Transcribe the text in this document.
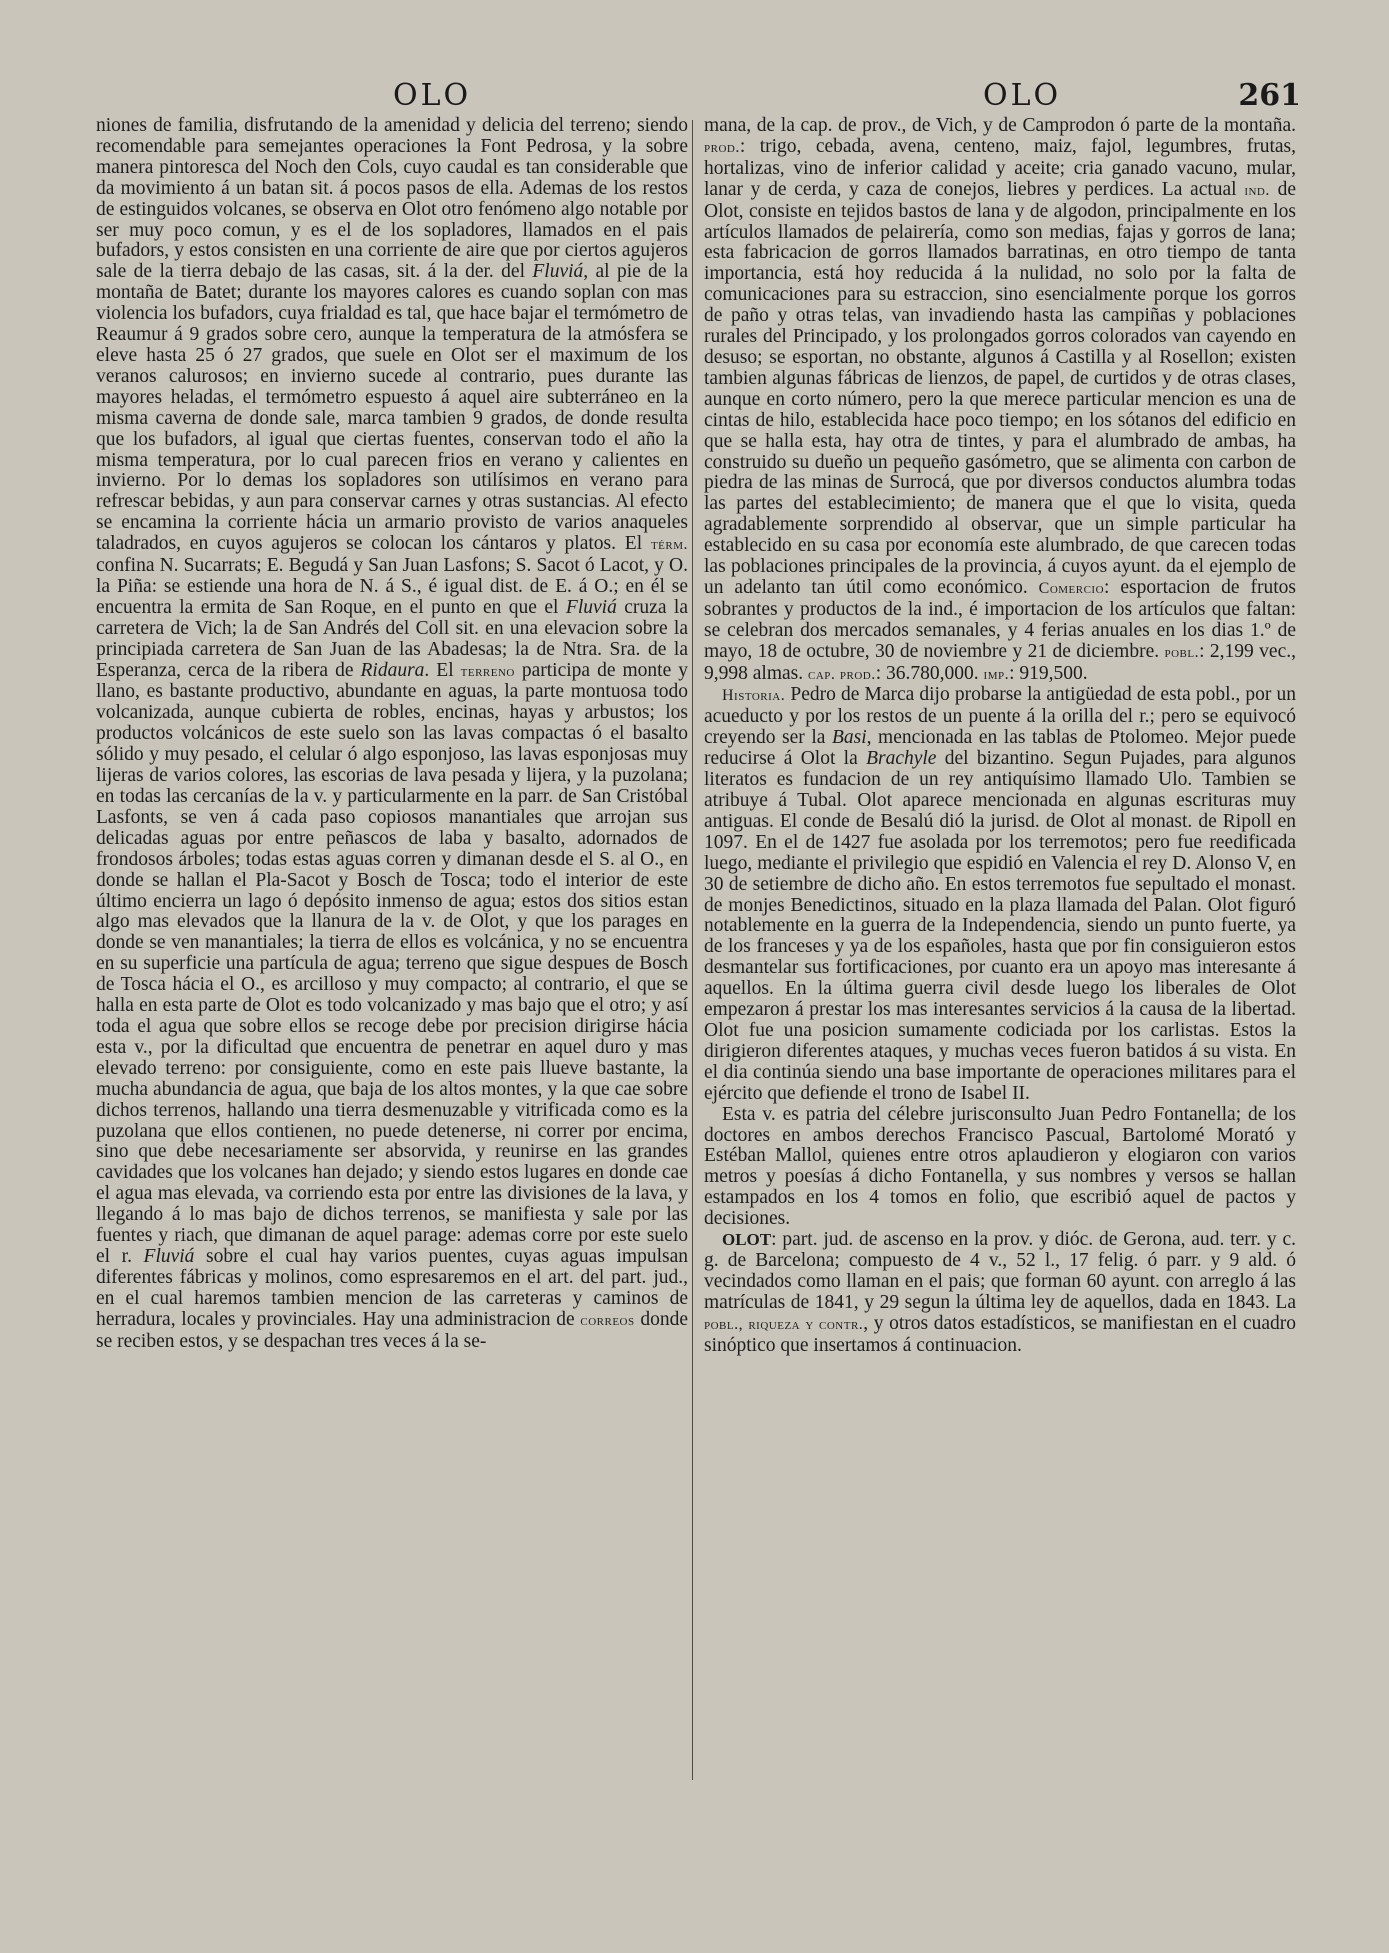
OLO	OLO	261

niones de familia, disfrutando de la amenidad y delicia del terreno; siendo recomendable para semejantes operaciones la Font Pedrosa, y la sobre manera pintoresca del Noch den Cols, cuyo caudal es tan considerable que da movimiento á un batan sit. á pocos pasos de ella. Ademas de los restos de estinguidos volcanes, se observa en Olot otro fenómeno algo notable por ser muy poco comun, y es el de los sopladores, llamados en el pais bufadors, y estos consisten en una corriente de aire que por ciertos agujeros sale de la tierra debajo de las casas, sit. á la der. del Fluviá, al pie de la montaña de Batet; durante los mayores calores es cuando soplan con mas violencia los bufadors, cuya frialdad es tal, que hace bajar el termómetro de Reaumur á 9 grados sobre cero, aunque la temperatura de la atmósfera se eleve hasta 25 ó 27 grados, que suele en Olot ser el maximum de los veranos calurosos; en invierno sucede al contrario, pues durante las mayores heladas, el termómetro espuesto á aquel aire subterráneo en la misma caverna de donde sale, marca tambien 9 grados, de donde resulta que los bufadors, al igual que ciertas fuentes, conservan todo el año la misma temperatura, por lo cual parecen frios en verano y calientes en invierno. Por lo demas los sopladores son utilísimos en verano para refrescar bebidas, y aun para conservar carnes y otras sustancias. Al efecto se encamina la corriente hácia un armario provisto de varios anaqueles taladrados, en cuyos agujeros se colocan los cántaros y platos. El térm. confina N. Sucarrats; E. Begudá y San Juan Lasfons; S. Sacot ó Lacot, y O. la Piña: se estiende una hora de N. á S., é igual dist. de E. á O.; en él se encuentra la ermita de San Roque, en el punto en que el Fluviá cruza la carretera de Vich; la de San Andrés del Coll sit. en una elevacion sobre la principiada carretera de San Juan de las Abadesas; la de Ntra. Sra. de la Esperanza, cerca de la ribera de Ridaura. El terreno participa de monte y llano, es bastante productivo, abundante en aguas, la parte montuosa todo volcanizada, aunque cubierta de robles, encinas, hayas y arbustos; los productos volcánicos de este suelo son las lavas compactas ó el basalto sólido y muy pesado, el celular ó algo esponjoso, las lavas esponjosas muy lijeras de varios colores, las escorias de lava pesada y lijera, y la puzolana; en todas las cercanías de la v. y particularmente en la parr. de San Cristóbal Lasfonts, se ven á cada paso copiosos manantiales que arrojan sus delicadas aguas por entre peñascos de laba y basalto, adornados de frondosos árboles; todas estas aguas corren y dimanan desde el S. al O., en donde se hallan el Pla-Sacot y Bosch de Tosca; todo el interior de este último encierra un lago ó depósito inmenso de agua; estos dos sitios estan algo mas elevados que la llanura de la v. de Olot, y que los parages en donde se ven manantiales; la tierra de ellos es volcánica, y no se encuentra en su superficie una partícula de agua; terreno que sigue despues de Bosch de Tosca hácia el O., es arcilloso y muy compacto; al contrario, el que se halla en esta parte de Olot es todo volcanizado y mas bajo que el otro; y así toda el agua que sobre ellos se recoge debe por precision dirigirse hácia esta v., por la dificultad que encuentra de penetrar en aquel duro y mas elevado terreno: por consiguiente, como en este pais llueve bastante, la mucha abundancia de agua, que baja de los altos montes, y la que cae sobre dichos terrenos, hallando una tierra desmenuzable y vitrificada como es la puzolana que ellos contienen, no puede detenerse, ni correr por encima, sino que debe necesariamente ser absorvida, y reunirse en las grandes cavidades que los volcanes han dejado; y siendo estos lugares en donde cae el agua mas elevada, va corriendo esta por entre las divisiones de la lava, y llegando á lo mas bajo de dichos terrenos, se manifiesta y sale por las fuentes y riach, que dimanan de aquel parage: ademas corre por este suelo el r. Fluviá sobre el cual hay varios puentes, cuyas aguas impulsan diferentes fábricas y molinos, como espresaremos en el art. del part. jud., en el cual haremos tambien mencion de las carreteras y caminos de herradura, locales y provinciales. Hay una administracion de correos donde se reciben estos, y se despachan tres veces á la se-

mana, de la cap. de prov., de Vich, y de Camprodon ó parte de la montaña. prod.: trigo, cebada, avena, centeno, maiz, fajol, legumbres, frutas, hortalizas, vino de inferior calidad y aceite; cria ganado vacuno, mular, lanar y de cerda, y caza de conejos, liebres y perdices. La actual ind. de Olot, consiste en tejidos bastos de lana y de algodon, principalmente en los artículos llamados de pelairería, como son medias, fajas y gorros de lana; esta fabricacion de gorros llamados barratinas, en otro tiempo de tanta importancia, está hoy reducida á la nulidad, no solo por la falta de comunicaciones para su estraccion, sino esencialmente porque los gorros de paño y otras telas, van invadiendo hasta las campiñas y poblaciones rurales del Principado, y los prolongados gorros colorados van cayendo en desuso; se esportan, no obstante, algunos á Castilla y al Rosellon; existen tambien algunas fábricas de lienzos, de papel, de curtidos y de otras clases, aunque en corto número, pero la que merece particular mencion es una de cintas de hilo, establecida hace poco tiempo; en los sótanos del edificio en que se halla esta, hay otra de tintes, y para el alumbrado de ambas, ha construido su dueño un pequeño gasómetro, que se alimenta con carbon de piedra de las minas de Surrocá, que por diversos conductos alumbra todas las partes del establecimiento; de manera que el que lo visita, queda agradablemente sorprendido al observar, que un simple particular ha establecido en su casa por economía este alumbrado, de que carecen todas las poblaciones principales de la provincia, á cuyos ayunt. da el ejemplo de un adelanto tan útil como económico. Comercio: esportacion de frutos sobrantes y productos de la ind., é importacion de los artículos que faltan: se celebran dos mercados semanales, y 4 ferias anuales en los dias 1.º de mayo, 18 de octubre, 30 de noviembre y 21 de diciembre. pobl.: 2,199 vec., 9,998 almas. cap. prod.: 36.780,000. imp.: 919,500.

Historia. Pedro de Marca dijo probarse la antigüedad de esta pobl., por un acueducto y por los restos de un puente á la orilla del r.; pero se equivocó creyendo ser la Basi, mencionada en las tablas de Ptolomeo. Mejor puede reducirse á Olot la Brachyle del bizantino. Segun Pujades, para algunos literatos es fundacion de un rey antiquísimo llamado Ulo. Tambien se atribuye á Tubal. Olot aparece mencionada en algunas escrituras muy antiguas. El conde de Besalú dió la jurisd. de Olot al monast. de Ripoll en 1097. En el de 1427 fue asolada por los terremotos; pero fue reedificada luego, mediante el privilegio que espidió en Valencia el rey D. Alonso V, en 30 de setiembre de dicho año. En estos terremotos fue sepultado el monast. de monjes Benedictinos, situado en la plaza llamada del Palan. Olot figuró notablemente en la guerra de la Independencia, siendo un punto fuerte, ya de los franceses y ya de los españoles, hasta que por fin consiguieron estos desmantelar sus fortificaciones, por cuanto era un apoyo mas interesante á aquellos. En la última guerra civil desde luego los liberales de Olot empezaron á prestar los mas interesantes servicios á la causa de la libertad. Olot fue una posicion sumamente codiciada por los carlistas. Estos la dirigieron diferentes ataques, y muchas veces fueron batidos á su vista. En el dia continúa siendo una base importante de operaciones militares para el ejército que defiende el trono de Isabel II.

Esta v. es patria del célebre jurisconsulto Juan Pedro Fontanella; de los doctores en ambos derechos Francisco Pascual, Bartolomé Morató y Estéban Mallol, quienes entre otros aplaudieron y elogiaron con varios metros y poesías á dicho Fontanella, y sus nombres y versos se hallan estampados en los 4 tomos en folio, que escribió aquel de pactos y decisiones.

OLOT: part. jud. de ascenso en la prov. y dióc. de Gerona, aud. terr. y c. g. de Barcelona; compuesto de 4 v., 52 l., 17 felig. ó parr. y 9 ald. ó vecindados como llaman en el pais; que forman 60 ayunt. con arreglo á las matrículas de 1841, y 29 segun la última ley de aquellos, dada en 1843. La pobl., riqueza y contr., y otros datos estadísticos, se manifiestan en el cuadro sinóptico que insertamos á continuacion.
